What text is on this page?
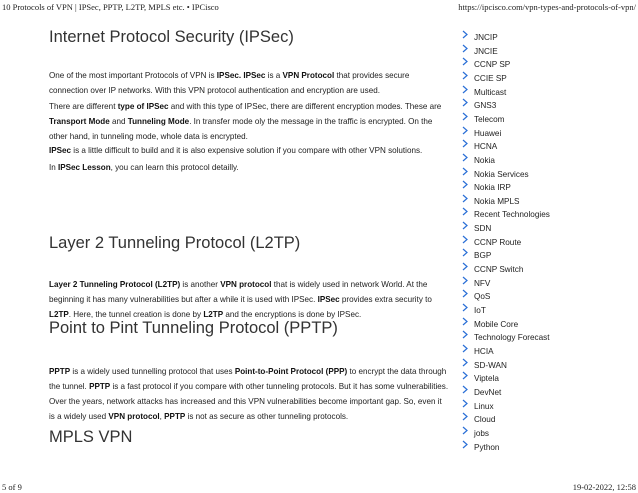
10 Protocols of VPN | IPSec, PPTP, L2TP, MPLS etc. • IPCisco	https://ipcisco.com/vpn-types-and-protocols-of-vpn/
Internet Protocol Security (IPSec)

One of the most important Protocols of VPN is IPSec. IPSec is a VPN Protocol that provides secure connection over IP networks. With this VPN protocol authentication and encryption are used.

There are different type of IPSec and with this type of IPSec, there are different encryption modes. These are Transport Mode and Tunneling Mode. In transfer mode oly the message in the traffic is encrypted. On the other hand, in tunneling mode, whole data is encrypted.

IPSec is a little difficult to build and it is also expensive solution if you compare with other VPN solutions.

In IPSec Lesson, you can learn this protocol detailly.

Layer 2 Tunneling Protocol (L2TP)

Layer 2 Tunneling Protocol (L2TP) is another VPN protocol that is widely used in network World. At the beginning it has many vulnerabilities but after a while it is used with IPSec. IPSec provides extra security to L2TP. Here, the tunnel creation is done by L2TP and the encryptions is done by IPSec.

Point to Pint Tunneling Protocol (PPTP)

PPTP is a widely used tunnelling protocol that uses Point-to-Point Protocol (PPP) to encrypt the data through the tunnel. PPTP is a fast protocol if you compare with other tunneling protocols. But it has some vulnerabilities. Over the years, network attacks has increased and this VPN vulnerabilities become important gap. So, even it is a widely used VPN protocol, PPTP is not as secure as other tunneling protocols.

MPLS VPN
JNCIP
JNCIE
CCNP SP
CCIE SP
Multicast
GNS3
Telecom
Huawei
HCNA
Nokia
Nokia Services
Nokia IRP
Nokia MPLS
Recent Technologies
SDN
CCNP Route
BGP
CCNP Switch
NFV
QoS
IoT
Mobile Core
Technology Forecast
HCIA
SD-WAN
Viptela
DevNet
Linux
Cloud
jobs
Python
5 of 9	19-02-2022, 12:58
